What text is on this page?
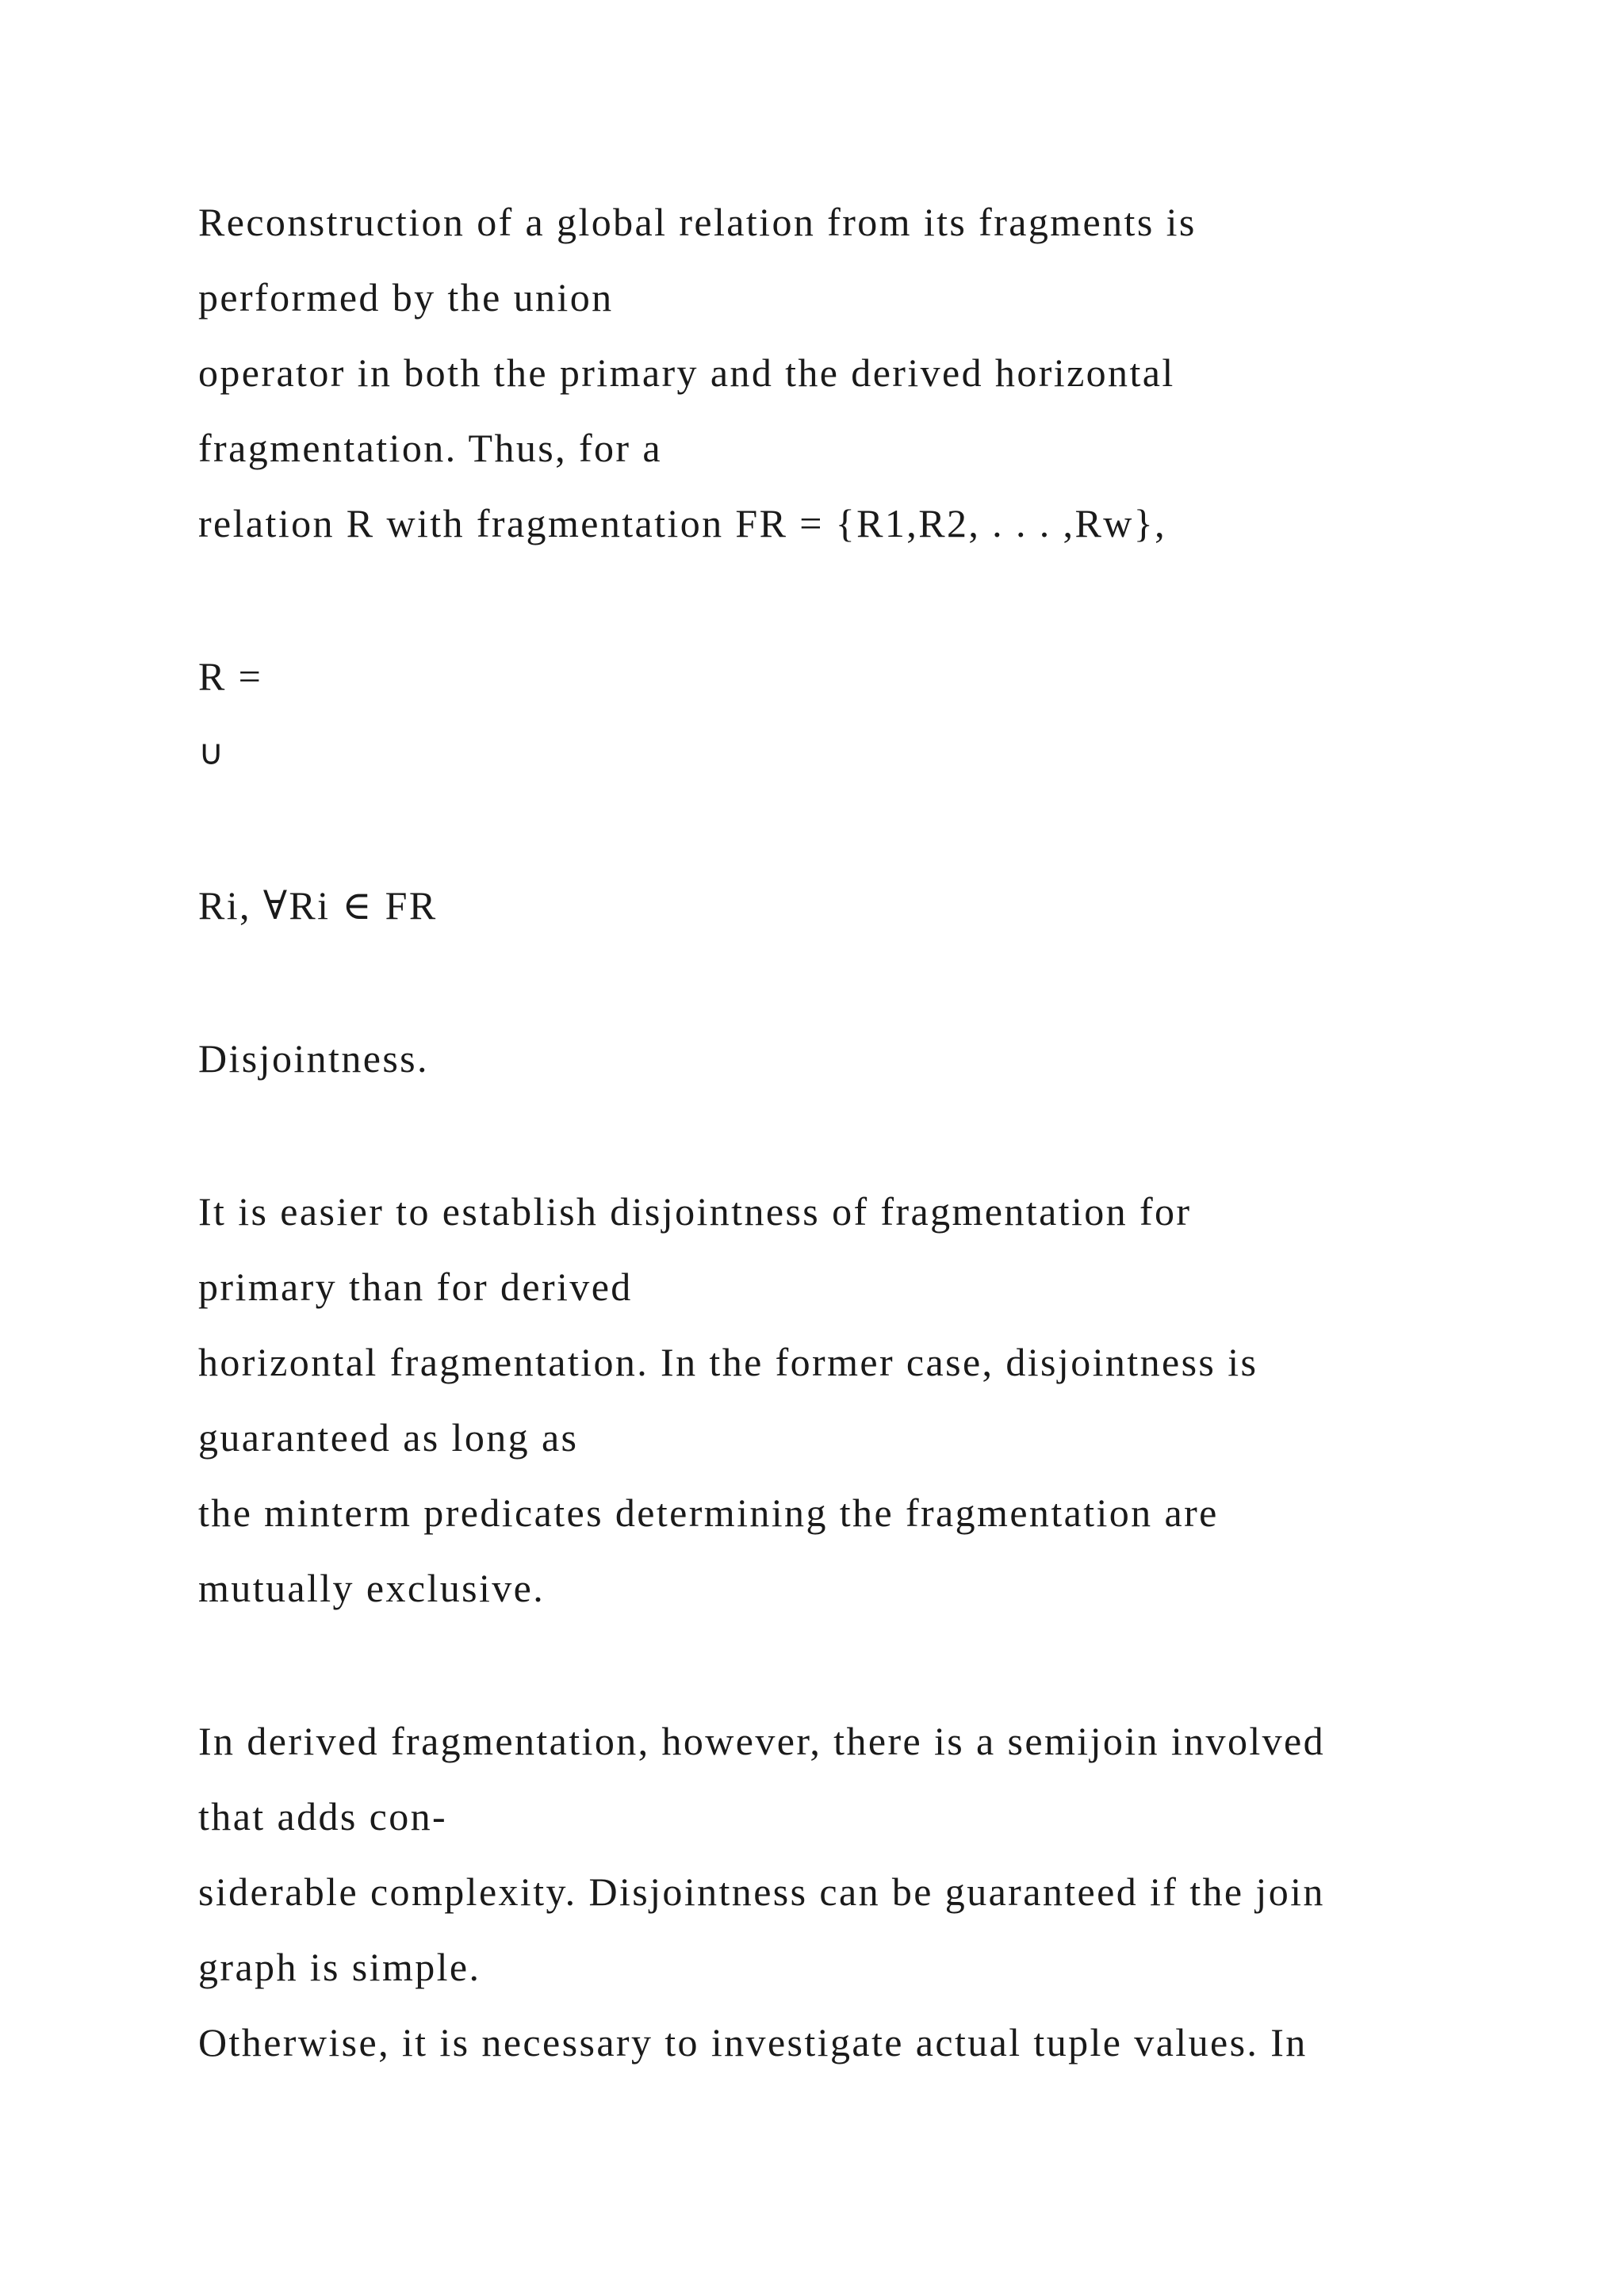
Reconstruction of a global relation from its fragments is

performed by the union

operator in both the primary and the derived horizontal

fragmentation. Thus, for a

relation R with fragmentation FR = {R1,R2, . . . ,Rw},

R =

∪

Ri, ∀Ri ∈ FR

Disjointness.

It is easier to establish disjointness of fragmentation for

primary than for derived

horizontal fragmentation. In the former case, disjointness is

guaranteed as long as

the minterm predicates determining the fragmentation are

mutually exclusive.

In derived fragmentation, however, there is a semijoin involved

that adds con-

siderable complexity. Disjointness can be guaranteed if the join

graph is simple.

Otherwise, it is necessary to investigate actual tuple values. In
